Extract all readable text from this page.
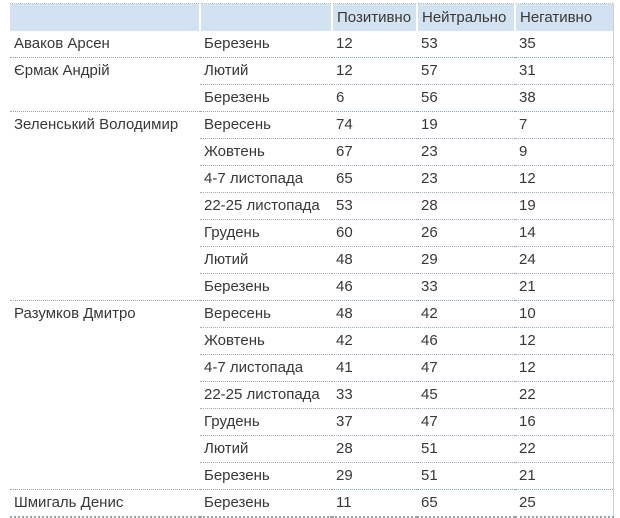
		Позитивно	Нейтрально	Негативно
Аваков Арсен	Березень	12	53	35
Єрмак Андрій	Лютий	12	57	31
	Березень	6	56	38
Зеленський Володимир	Вересень	74	19	7
	Жовтень	67	23	9
	4-7 листопада	65	23	12
	22-25 листопада	53	28	19
	Грудень	60	26	14
	Лютий	48	29	24
	Березень	46	33	21
Разумков Дмитро	Вересень	48	42	10
	Жовтень	42	46	12
	4-7 листопада	41	47	12
	22-25 листопада	33	45	22
	Грудень	37	47	16
	Лютий	28	51	22
	Березень	29	51	21
Шмигаль Денис	Березень	11	65	25
